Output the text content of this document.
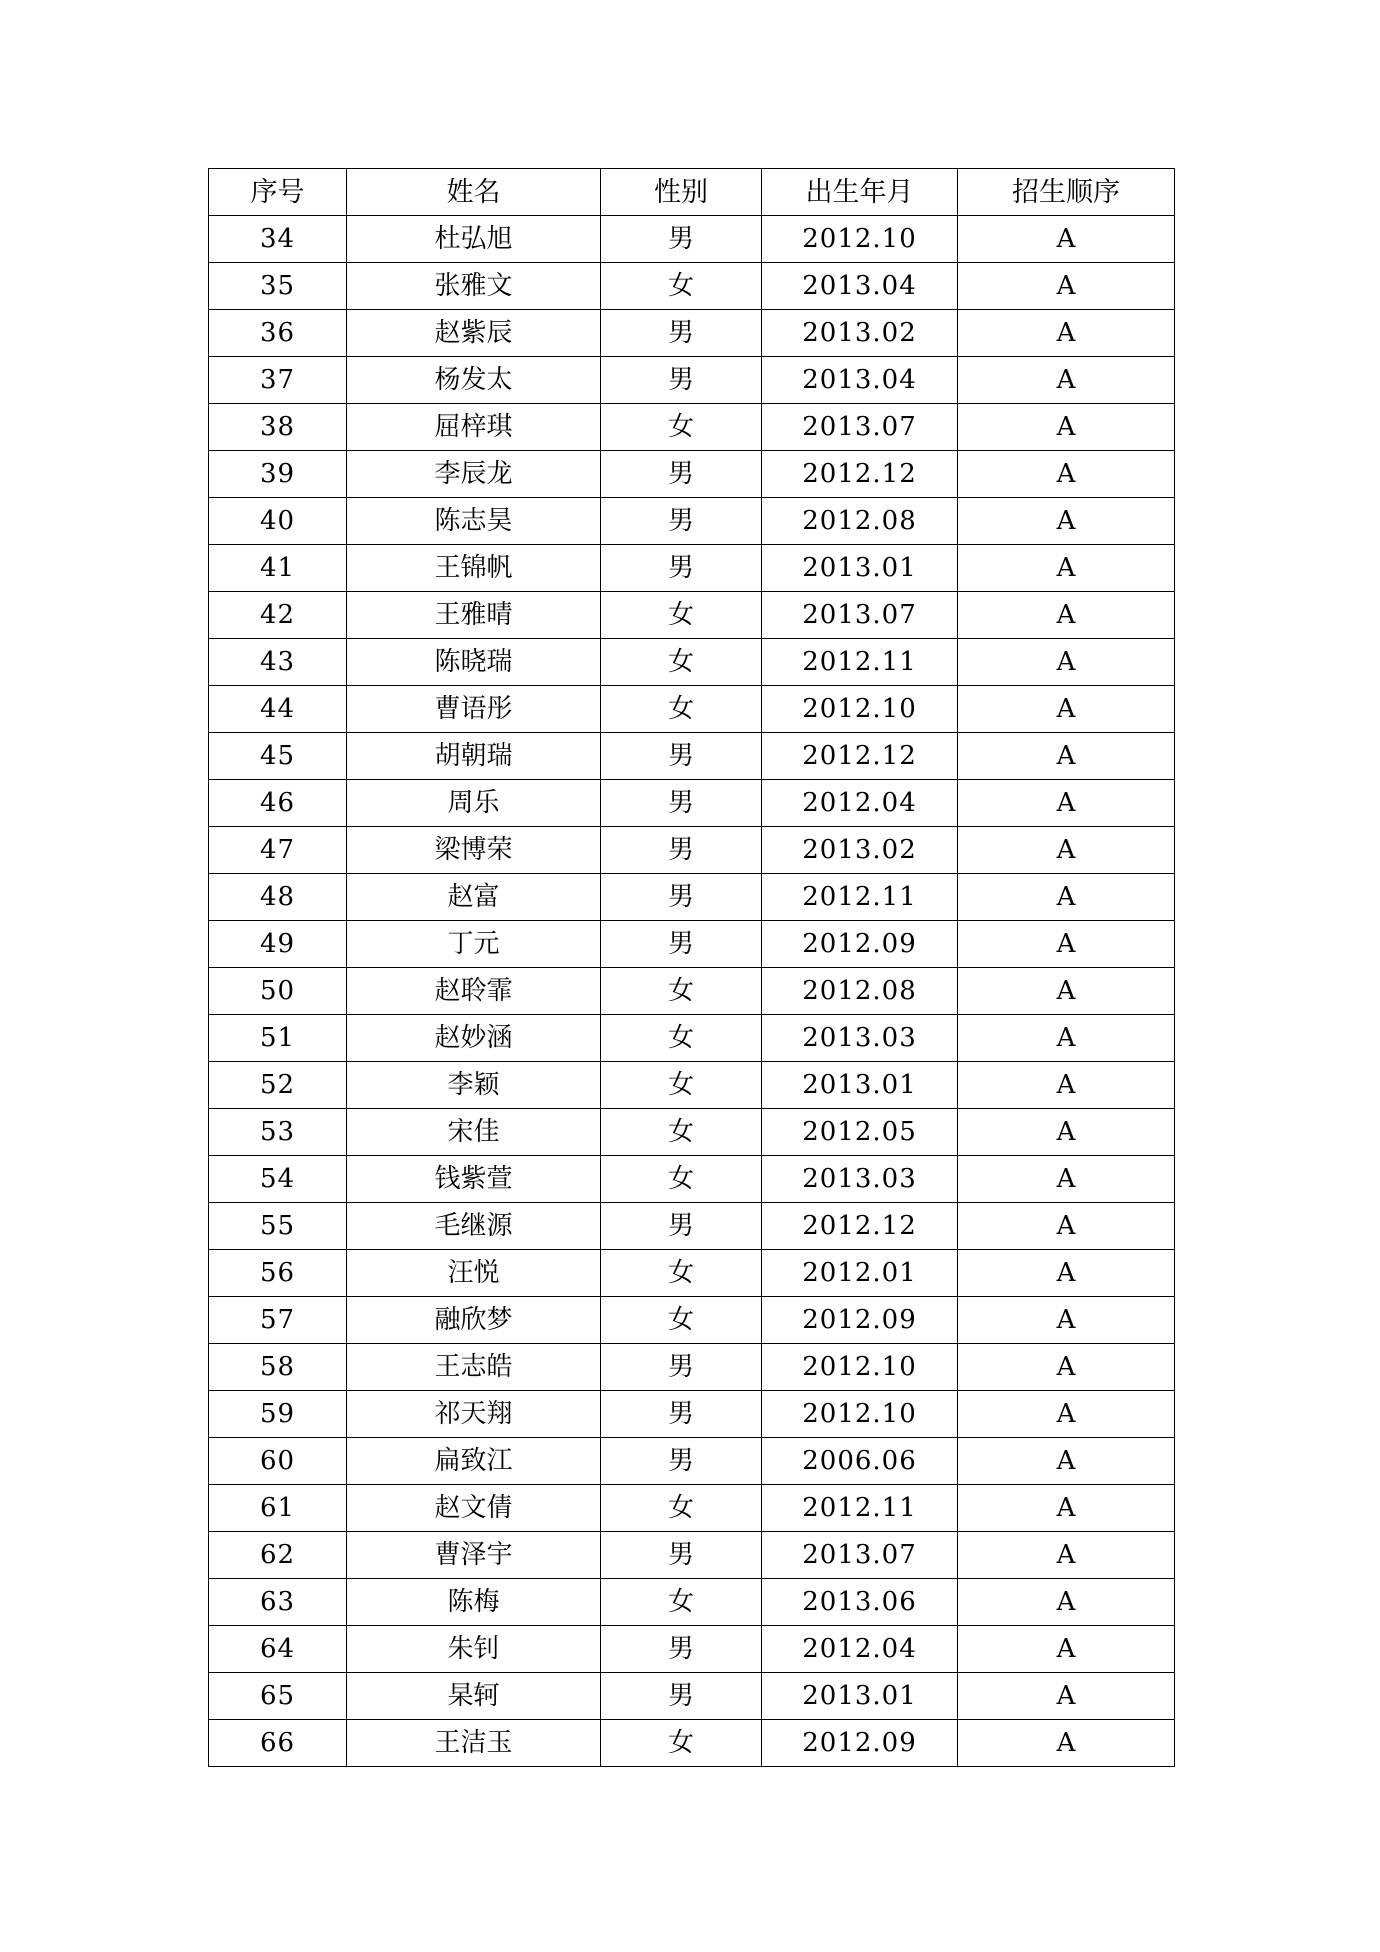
序号	姓名	性别	出生年月	招生顺序
34	杜弘旭	男	2012.10	A
35	张雅文	女	2013.04	A
36	赵紫辰	男	2013.02	A
37	杨发太	男	2013.04	A
38	屈梓琪	女	2013.07	A
39	李辰龙	男	2012.12	A
40	陈志昊	男	2012.08	A
41	王锦帆	男	2013.01	A
42	王雅晴	女	2013.07	A
43	陈晓瑞	女	2012.11	A
44	曹语彤	女	2012.10	A
45	胡朝瑞	男	2012.12	A
46	周乐	男	2012.04	A
47	梁博荣	男	2013.02	A
48	赵富	男	2012.11	A
49	丁元	男	2012.09	A
50	赵聆霏	女	2012.08	A
51	赵妙涵	女	2013.03	A
52	李颖	女	2013.01	A
53	宋佳	女	2012.05	A
54	钱紫萱	女	2013.03	A
55	毛继源	男	2012.12	A
56	汪悦	女	2012.01	A
57	融欣梦	女	2012.09	A
58	王志皓	男	2012.10	A
59	祁天翔	男	2012.10	A
60	扁致江	男	2006.06	A
61	赵文倩	女	2012.11	A
62	曹泽宇	男	2013.07	A
63	陈梅	女	2013.06	A
64	朱钊	男	2012.04	A
65	杲轲	男	2013.01	A
66	王洁玉	女	2012.09	A
